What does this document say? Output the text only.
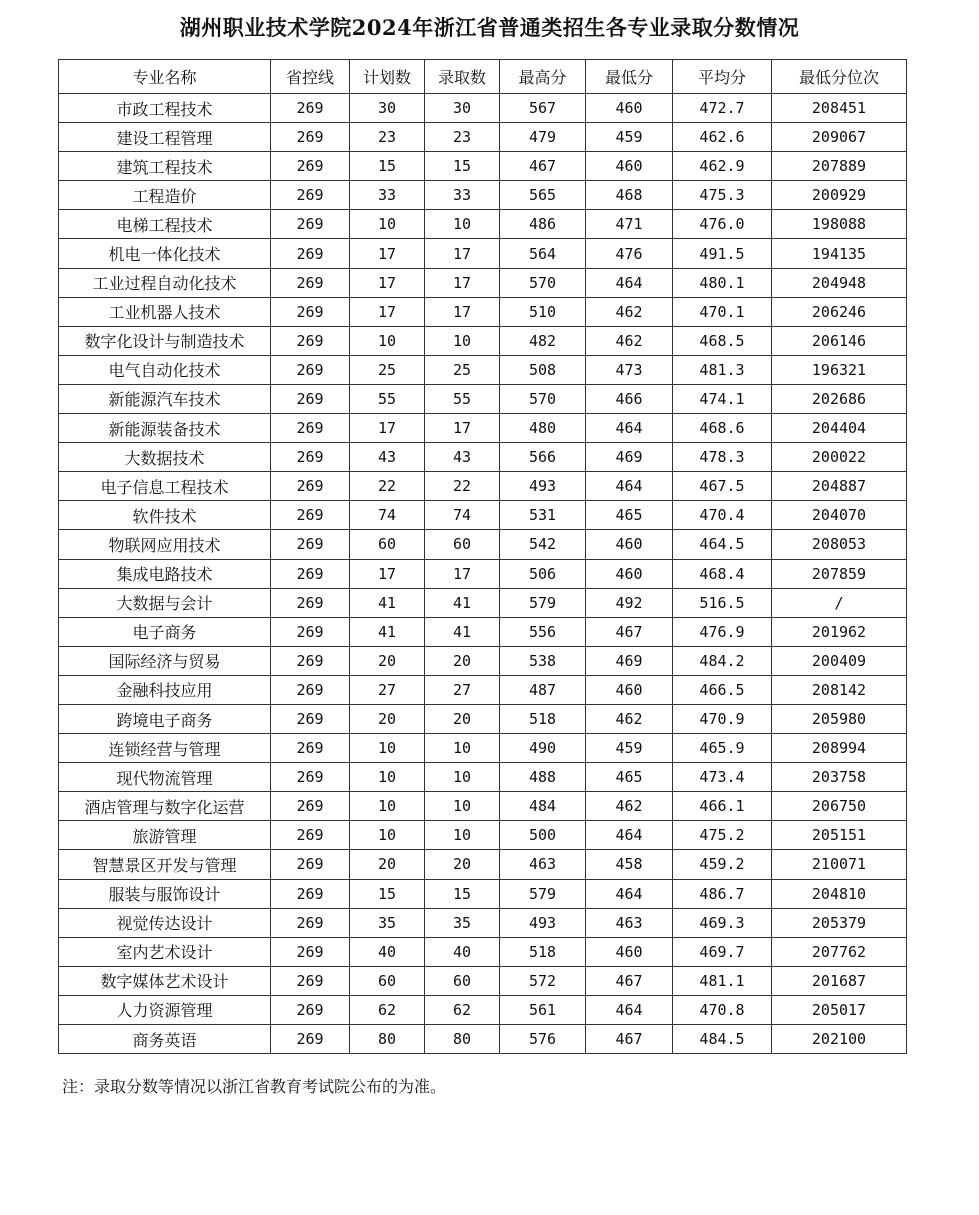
湖州职业技术学院2024年浙江省普通类招生各专业录取分数情况
专业名称	省控线	计划数	录取数	最高分	最低分	平均分	最低分位次
市政工程技术	269	30	30	567	460	472.7	208451
建设工程管理	269	23	23	479	459	462.6	209067
建筑工程技术	269	15	15	467	460	462.9	207889
工程造价	269	33	33	565	468	475.3	200929
电梯工程技术	269	10	10	486	471	476.0	198088
机电一体化技术	269	17	17	564	476	491.5	194135
工业过程自动化技术	269	17	17	570	464	480.1	204948
工业机器人技术	269	17	17	510	462	470.1	206246
数字化设计与制造技术	269	10	10	482	462	468.5	206146
电气自动化技术	269	25	25	508	473	481.3	196321
新能源汽车技术	269	55	55	570	466	474.1	202686
新能源装备技术	269	17	17	480	464	468.6	204404
大数据技术	269	43	43	566	469	478.3	200022
电子信息工程技术	269	22	22	493	464	467.5	204887
软件技术	269	74	74	531	465	470.4	204070
物联网应用技术	269	60	60	542	460	464.5	208053
集成电路技术	269	17	17	506	460	468.4	207859
大数据与会计	269	41	41	579	492	516.5	/
电子商务	269	41	41	556	467	476.9	201962
国际经济与贸易	269	20	20	538	469	484.2	200409
金融科技应用	269	27	27	487	460	466.5	208142
跨境电子商务	269	20	20	518	462	470.9	205980
连锁经营与管理	269	10	10	490	459	465.9	208994
现代物流管理	269	10	10	488	465	473.4	203758
酒店管理与数字化运营	269	10	10	484	462	466.1	206750
旅游管理	269	10	10	500	464	475.2	205151
智慧景区开发与管理	269	20	20	463	458	459.2	210071
服装与服饰设计	269	15	15	579	464	486.7	204810
视觉传达设计	269	35	35	493	463	469.3	205379
室内艺术设计	269	40	40	518	460	469.7	207762
数字媒体艺术设计	269	60	60	572	467	481.1	201687
人力资源管理	269	62	62	561	464	470.8	205017
商务英语	269	80	80	576	467	484.5	202100
注：录取分数等情况以浙江省教育考试院公布的为准。
